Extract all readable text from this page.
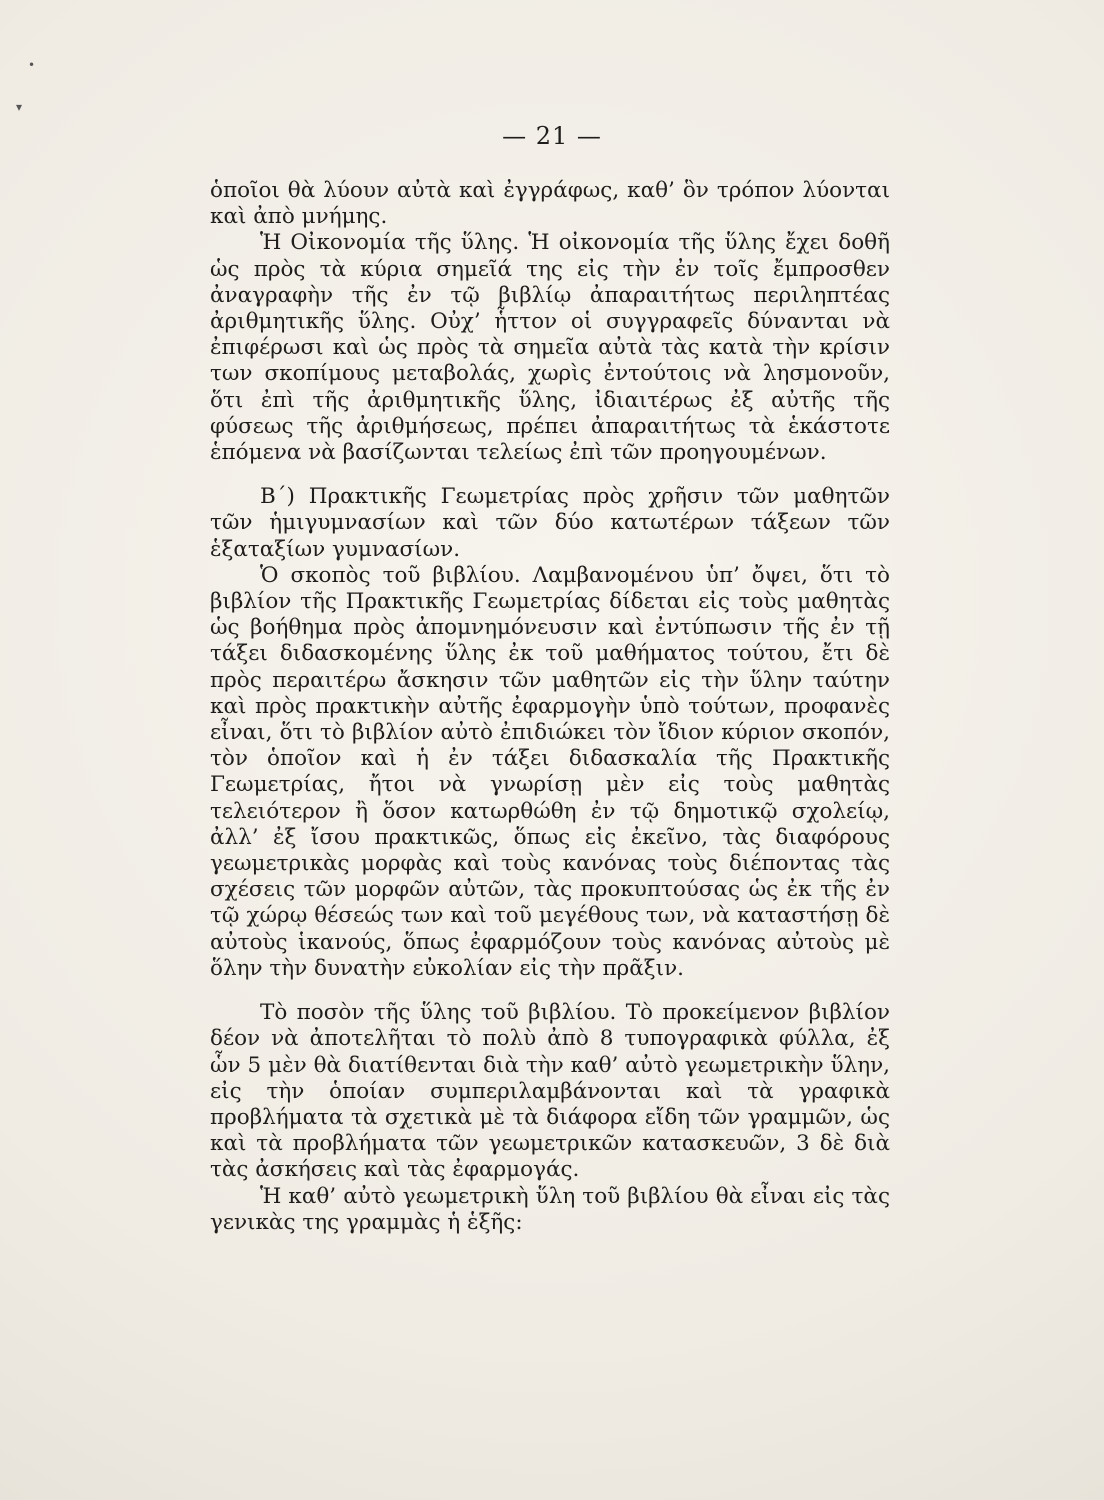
•
▾
— 21 —

ὁποῖοι θὰ λύουν αὐτὰ καὶ ἐγγράφως, καθ’ ὃν τρόπον λύονται καὶ ἀπὸ μνήμης.

Ἡ Οἰκονομία τῆς ὕλης. Ἡ οἰκονομία τῆς ὕλης ἔχει δοθῆ ὡς πρὸς τὰ κύρια σημεῖά της εἰς τὴν ἐν τοῖς ἔμπροσθεν ἀναγραφὴν τῆς ἐν τῷ βιβλίῳ ἀπαραιτήτως περιληπτέας ἀριθμητικῆς ὕλης. Οὐχ’ ἧττον οἱ συγγραφεῖς δύνανται νὰ ἐπιφέρωσι καὶ ὡς πρὸς τὰ σημεῖα αὐτὰ τὰς κατὰ τὴν κρίσιν των σκοπίμους μεταβολάς, χωρὶς ἐντούτοις νὰ λησμονοῦν, ὅτι ἐπὶ τῆς ἀριθμητικῆς ὕλης, ἰδιαιτέρως ἐξ αὐτῆς τῆς φύσεως τῆς ἀριθμήσεως, πρέπει ἀπαραιτήτως τὰ ἑκάστοτε ἑπόμενα νὰ βασίζωνται τελείως ἐπὶ τῶν προηγουμένων.

Β΄) Πρακτικῆς Γεωμετρίας πρὸς χρῆσιν τῶν μαθητῶν τῶν ἡμιγυμνασίων καὶ τῶν δύο κατωτέρων τάξεων τῶν ἑξαταξίων γυμνασίων.

Ὁ σκοπὸς τοῦ βιβλίου. Λαμβανομένου ὑπ’ ὄψει, ὅτι τὸ βιβλίον τῆς Πρακτικῆς Γεωμετρίας δίδεται εἰς τοὺς μαθητὰς ὡς βοήθημα πρὸς ἀπομνημόνευσιν καὶ ἐντύπωσιν τῆς ἐν τῇ τάξει διδασκομένης ὕλης ἐκ τοῦ μαθήματος τούτου, ἔτι δὲ πρὸς περαιτέρω ἄσκησιν τῶν μαθητῶν εἰς τὴν ὕλην ταύτην καὶ πρὸς πρακτικὴν αὐτῆς ἐφαρμογὴν ὑπὸ τούτων, προφανὲς εἶναι, ὅτι τὸ βιβλίον αὐτὸ ἐπιδιώκει τὸν ἴδιον κύριον σκοπόν, τὸν ὁποῖον καὶ ἡ ἐν τάξει διδασκαλία τῆς Πρακτικῆς Γεωμετρίας, ἤτοι νὰ γνωρίσῃ μὲν εἰς τοὺς μαθητὰς τελειότερον ἢ ὅσον κατωρθώθη ἐν τῷ δημοτικῷ σχολείῳ, ἀλλ’ ἐξ ἴσου πρακτικῶς, ὅπως εἰς ἐκεῖνο, τὰς διαφόρους γεωμετρικὰς μορφὰς καὶ τοὺς κανόνας τοὺς διέποντας τὰς σχέσεις τῶν μορφῶν αὐτῶν, τὰς προκυπτούσας ὡς ἐκ τῆς ἐν τῷ χώρῳ θέσεώς των καὶ τοῦ μεγέθους των, νὰ καταστήσῃ δὲ αὐτοὺς ἱκανούς, ὅπως ἐφαρμόζουν τοὺς κανόνας αὐτοὺς μὲ ὅλην τὴν δυνατὴν εὐκολίαν εἰς τὴν πρᾶξιν.

Τὸ ποσὸν τῆς ὕλης τοῦ βιβλίου. Τὸ προκείμενον βιβλίον δέον νὰ ἀποτελῆται τὸ πολὺ ἀπὸ 8 τυπογραφικὰ φύλλα, ἐξ ὧν 5 μὲν θὰ διατίθενται διὰ τὴν καθ’ αὐτὸ γεωμετρικὴν ὕλην, εἰς τὴν ὁποίαν συμπεριλαμβάνονται καὶ τὰ γραφικὰ προβλήματα τὰ σχετικὰ μὲ τὰ διάφορα εἴδη τῶν γραμμῶν, ὡς καὶ τὰ προβλήματα τῶν γεωμετρικῶν κατασκευῶν, 3 δὲ διὰ τὰς ἀσκήσεις καὶ τὰς ἐφαρμογάς.

Ἡ καθ’ αὐτὸ γεωμετρικὴ ὕλη τοῦ βιβλίου θὰ εἶναι εἰς τὰς γενικὰς της γραμμὰς ἡ ἑξῆς:
